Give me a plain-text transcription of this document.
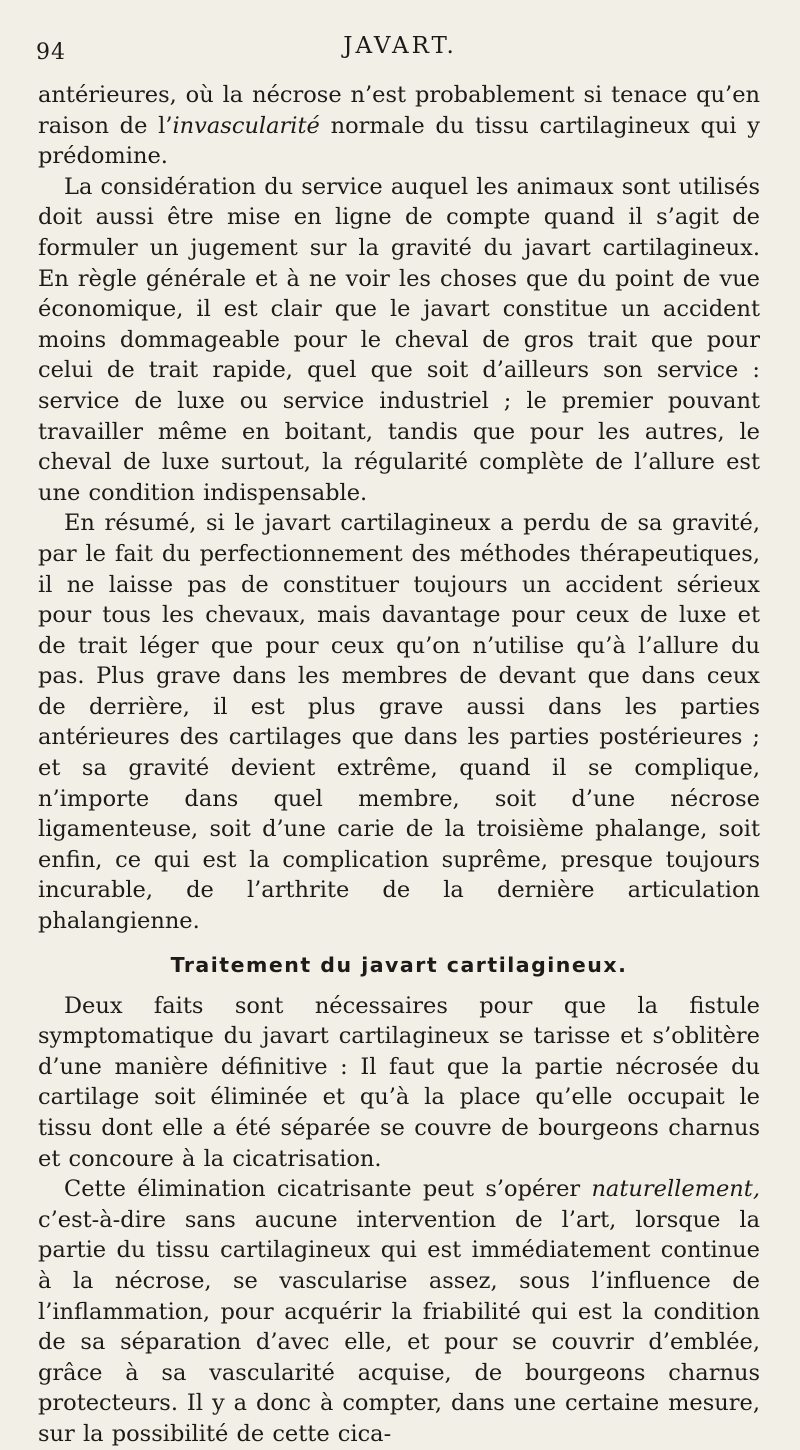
94	JAVART.

antérieures, où la nécrose n’est probablement si tenace qu’en raison de l’invascularité normale du tissu cartilagineux qui y prédomine.

La considération du service auquel les animaux sont utilisés doit aussi être mise en ligne de compte quand il s’agit de formuler un jugement sur la gravité du javart cartilagineux. En règle générale et à ne voir les choses que du point de vue économique, il est clair que le javart constitue un accident moins dommageable pour le cheval de gros trait que pour celui de trait rapide, quel que soit d’ailleurs son service : service de luxe ou service industriel ; le premier pouvant travailler même en boitant, tandis que pour les autres, le cheval de luxe surtout, la régularité complète de l’allure est une condition indispensable.

En résumé, si le javart cartilagineux a perdu de sa gravité, par le fait du perfectionnement des méthodes thérapeutiques, il ne laisse pas de constituer toujours un accident sérieux pour tous les chevaux, mais davantage pour ceux de luxe et de trait léger que pour ceux qu’on n’utilise qu’à l’allure du pas. Plus grave dans les membres de devant que dans ceux de derrière, il est plus grave aussi dans les parties antérieures des cartilages que dans les parties postérieures ; et sa gravité devient extrême, quand il se complique, n’importe dans quel membre, soit d’une nécrose ligamenteuse, soit d’une carie de la troisième phalange, soit enfin, ce qui est la complication suprême, presque toujours incurable, de l’arthrite de la dernière articulation phalangienne.

Traitement du javart cartilagineux.

Deux faits sont nécessaires pour que la fistule symptomatique du javart cartilagineux se tarisse et s’oblitère d’une manière définitive : Il faut que la partie nécrosée du cartilage soit éliminée et qu’à la place qu’elle occupait le tissu dont elle a été séparée se couvre de bourgeons charnus et concoure à la cicatrisation.

Cette élimination cicatrisante peut s’opérer naturellement, c’est-à-dire sans aucune intervention de l’art, lorsque la partie du tissu cartilagineux qui est immédiatement continue à la nécrose, se vascularise assez, sous l’influence de l’inflammation, pour acquérir la friabilité qui est la condition de sa séparation d’avec elle, et pour se couvrir d’emblée, grâce à sa vascularité acquise, de bourgeons charnus protecteurs. Il y a donc à compter, dans une certaine mesure, sur la possibilité de cette cica-
